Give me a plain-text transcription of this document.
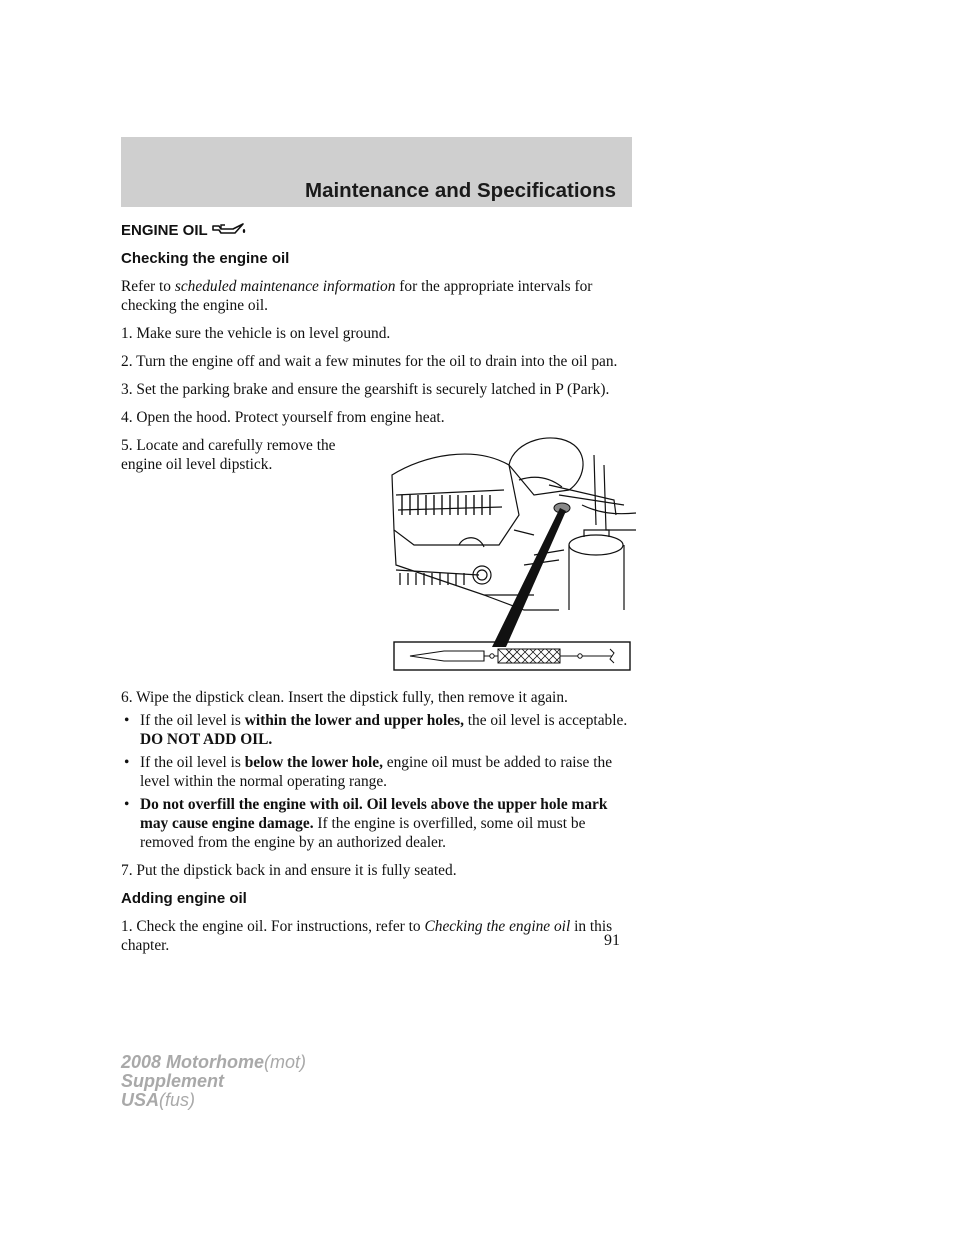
Maintenance and Specifications
ENGINE OIL

Checking the engine oil

Refer to scheduled maintenance information for the appropriate intervals for checking the engine oil.

1. Make sure the vehicle is on level ground.

2. Turn the engine off and wait a few minutes for the oil to drain into the oil pan.

3. Set the parking brake and ensure the gearshift is securely latched in P (Park).

4. Open the hood. Protect yourself from engine heat.

5. Locate and carefully remove the engine oil level dipstick.

6. Wipe the dipstick clean. Insert the dipstick fully, then remove it again.

• If the oil level is within the lower and upper holes, the oil level is acceptable. DO NOT ADD OIL.
• If the oil level is below the lower hole, engine oil must be added to raise the level within the normal operating range.
• Do not overfill the engine with oil. Oil levels above the upper hole mark may cause engine damage. If the engine is overfilled, some oil must be removed from the engine by an authorized dealer.

7. Put the dipstick back in and ensure it is fully seated.

Adding engine oil

1. Check the engine oil. For instructions, refer to Checking the engine oil in this chapter.	91
2008 Motorhome(mot)
Supplement
USA(fus)
